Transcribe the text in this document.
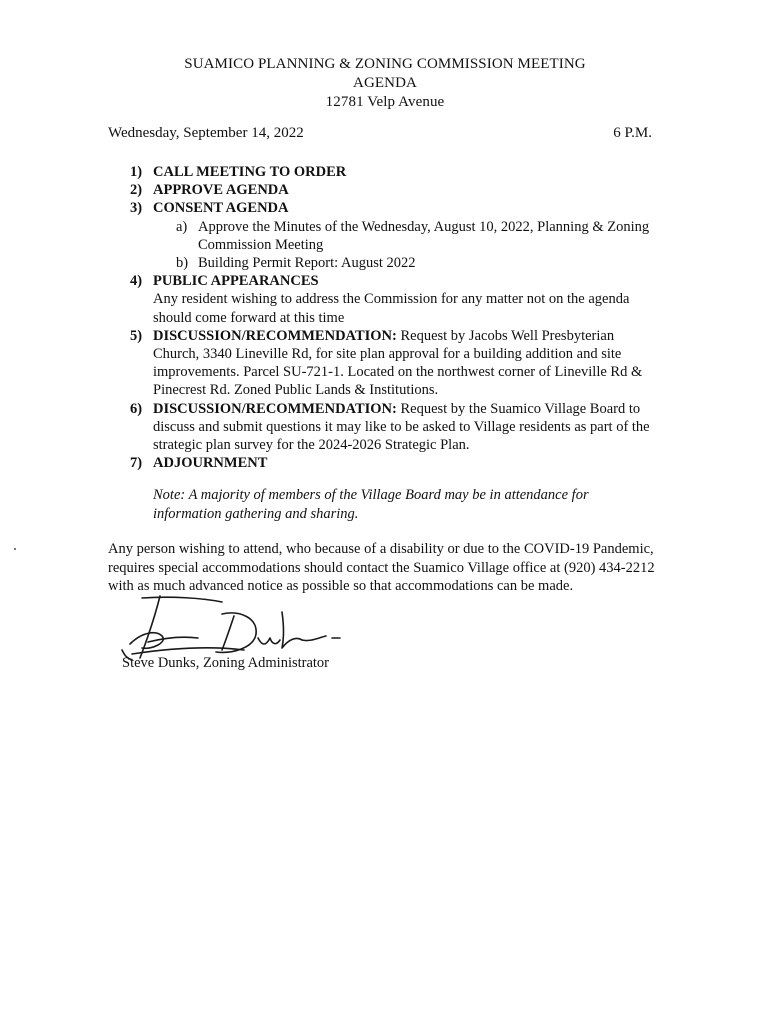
SUAMICO PLANNING & ZONING COMMISSION MEETING
AGENDA
12781 Velp Avenue
Wednesday, September 14, 2022	6 P.M.
1) CALL MEETING TO ORDER
2) APPROVE AGENDA
3) CONSENT AGENDA
a) Approve the Minutes of the Wednesday, August 10, 2022, Planning & Zoning Commission Meeting
b) Building Permit Report: August 2022
4) PUBLIC APPEARANCES
Any resident wishing to address the Commission for any matter not on the agenda should come forward at this time
5) DISCUSSION/RECOMMENDATION: Request by Jacobs Well Presbyterian Church, 3340 Lineville Rd, for site plan approval for a building addition and site improvements. Parcel SU-721-1. Located on the northwest corner of Lineville Rd & Pinecrest Rd. Zoned Public Lands & Institutions.
6) DISCUSSION/RECOMMENDATION: Request by the Suamico Village Board to discuss and submit questions it may like to be asked to Village residents as part of the strategic plan survey for the 2024-2026 Strategic Plan.
7) ADJOURNMENT
Note: A majority of members of the Village Board may be in attendance for information gathering and sharing.
Any person wishing to attend, who because of a disability or due to the COVID-19 Pandemic, requires special accommodations should contact the Suamico Village office at (920) 434-2212 with as much advanced notice as possible so that accommodations can be made.
Steve Dunks, Zoning Administrator
